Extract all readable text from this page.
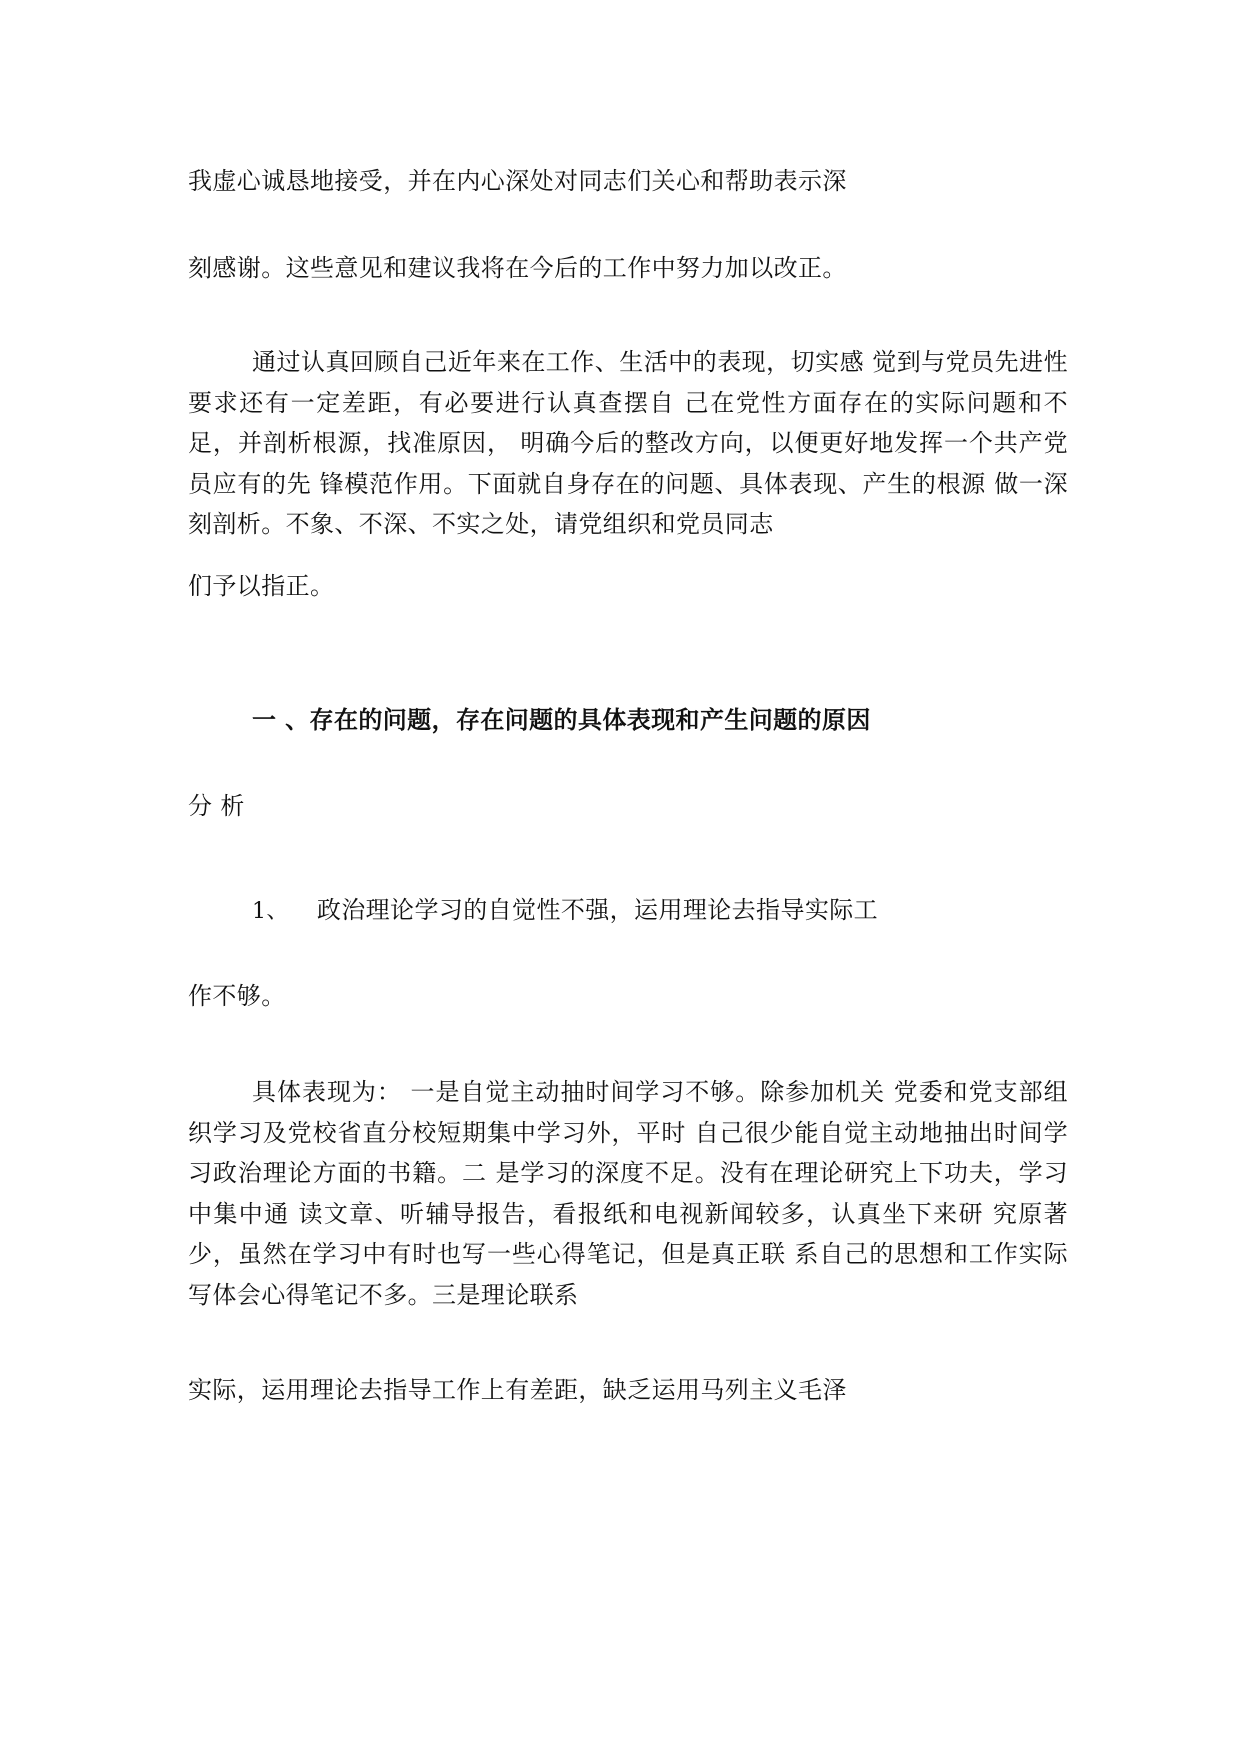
我虚心诚恳地接受，并在内心深处对同志们关心和帮助表示深
刻感谢。这些意见和建议我将在今后的工作中努力加以改正。
通过认真回顾自己近年来在工作、生活中的表现，切实感 觉到与党员先进性要求还有一定差距，有必要进行认真查摆自 己在党性方面存在的实际问题和不足，并剖析根源，找准原因， 明确今后的整改方向，以便更好地发挥一个共产党员应有的先 锋模范作用。下面就自身存在的问题、具体表现、产生的根源 做一深刻剖析。不象、不深、不实之处，请党组织和党员同志
们予以指正。
一 、存在的问题，存在问题的具体表现和产生问题的原因
分 析
1、 政治理论学习的自觉性不强，运用理论去指导实际工
作不够。
具体表现为： 一是自觉主动抽时间学习不够。除参加机关 党委和党支部组织学习及党校省直分校短期集中学习外，平时 自己很少能自觉主动地抽出时间学习政治理论方面的书籍。二 是学习的深度不足。没有在理论研究上下功夫，学习中集中通 读文章、听辅导报告，看报纸和电视新闻较多，认真坐下来研 究原著少，虽然在学习中有时也写一些心得笔记，但是真正联 系自己的思想和工作实际写体会心得笔记不多。三是理论联系
实际，运用理论去指导工作上有差距，缺乏运用马列主义毛泽
